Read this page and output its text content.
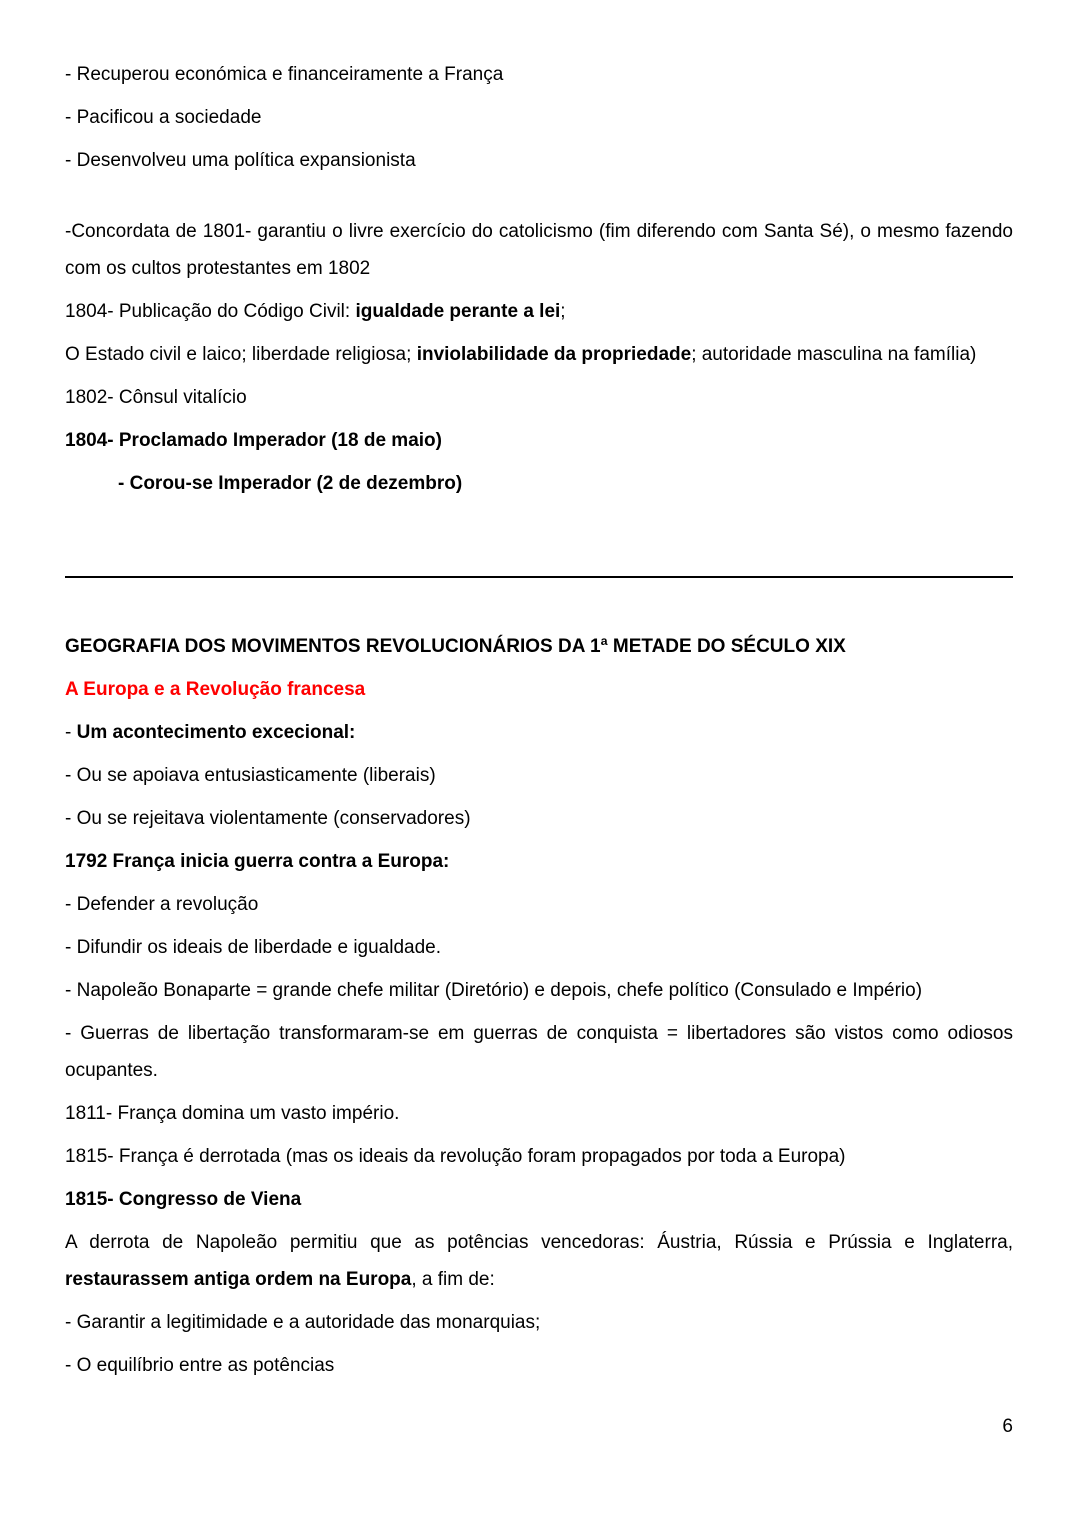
- Recuperou económica e financeiramente a França

- Pacificou a sociedade

- Desenvolveu uma política expansionista

-Concordata de 1801- garantiu o livre exercício do catolicismo (fim diferendo com Santa Sé), o mesmo fazendo com os cultos protestantes em 1802

1804- Publicação do Código Civil: igualdade perante a lei;

O Estado civil e laico; liberdade religiosa; inviolabilidade da propriedade; autoridade masculina na família)

1802- Cônsul vitalício

1804- Proclamado Imperador (18 de maio)

- Corou-se Imperador (2 de dezembro)

GEOGRAFIA DOS MOVIMENTOS REVOLUCIONÁRIOS DA 1ª METADE DO SÉCULO XIX

A Europa e a Revolução francesa

- Um acontecimento excecional:

- Ou se apoiava entusiasticamente (liberais)

- Ou se rejeitava violentamente (conservadores)

1792 França inicia guerra contra a Europa:

- Defender a revolução

- Difundir os ideais de liberdade e igualdade.

- Napoleão Bonaparte = grande chefe militar (Diretório) e depois, chefe político (Consulado e Império)

- Guerras de libertação transformaram-se em guerras de conquista = libertadores são vistos como odiosos ocupantes.

1811- França domina um vasto império.

1815- França é derrotada (mas os ideais da revolução foram propagados por toda a Europa)

1815- Congresso de Viena

A derrota de Napoleão permitiu que as potências vencedoras: Áustria, Rússia e Prússia e Inglaterra, restaurassem antiga ordem na Europa, a fim de:

- Garantir a legitimidade e a autoridade das monarquias;

- O equilíbrio entre as potências

6
